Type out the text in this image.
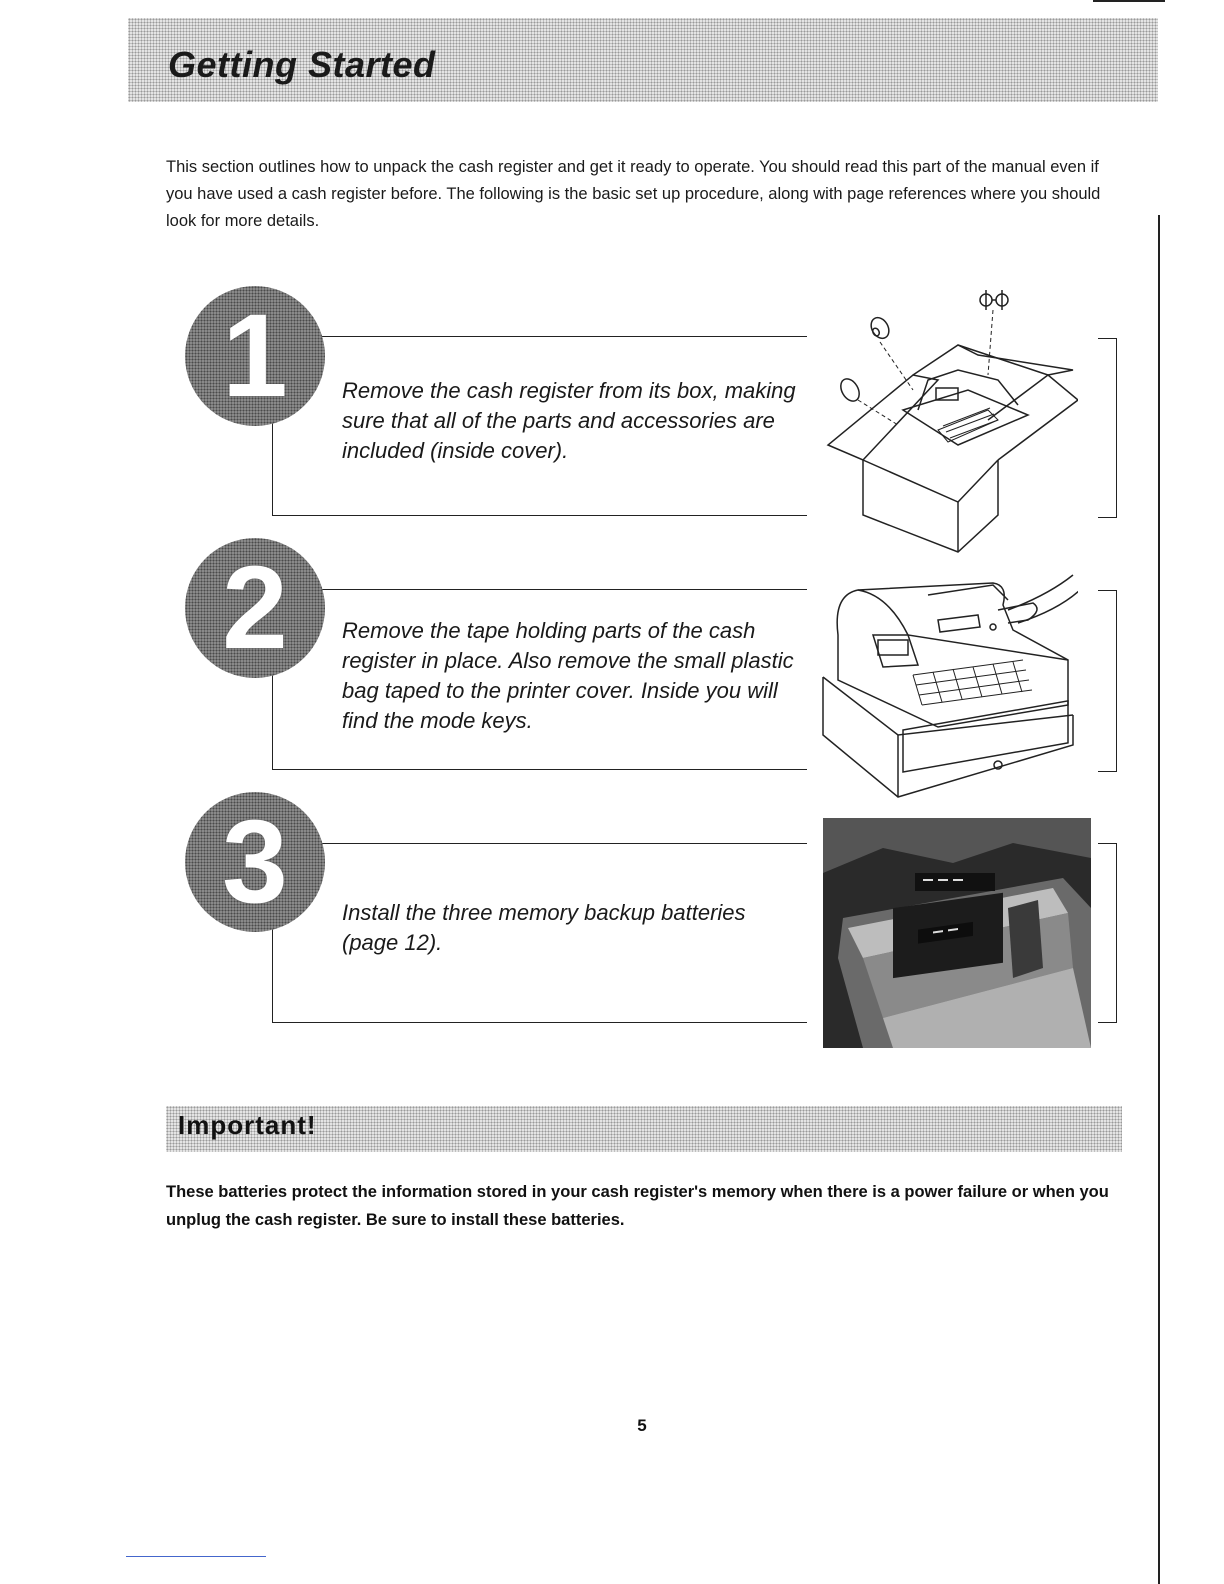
Getting Started
This section outlines how to unpack the cash register and get it ready to operate. You should read this part of the manual even if you have used a cash register before. The following is the basic set up procedure, along with page references where you should look for more details.
1	Remove the cash register from its box, making sure that all of the parts and accessories are included (inside cover).
2	Remove the tape holding parts of the cash register in place. Also remove the small plastic bag taped to the printer cover. Inside you will find the mode keys.
3	Install the three memory backup batteries (page 12).
Important!
These batteries protect the information stored in your cash register's memory when there is a power failure or when you unplug the cash register. Be sure to install these batteries.
5
